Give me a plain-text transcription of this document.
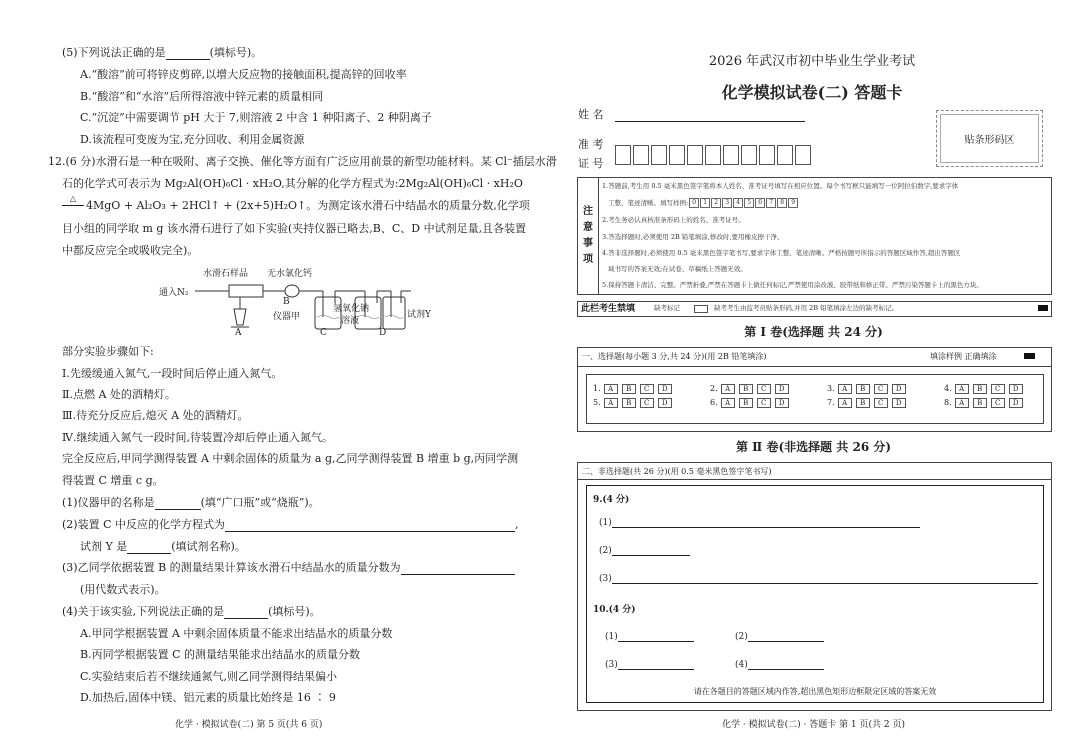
(5)下列说法正确的是	(填标号)。
A.“酸溶”前可将锌皮剪碎,以增大反应物的接触面积,提高锌的回收率
B.“酸溶”和“水溶”后所得溶液中锌元素的质量相同
C.“沉淀”中需要调节 pH 大于 7,则溶液 2 中含 1 种阳离子、2 种阴离子
D.该流程可变废为宝,充分回收、利用金属资源
12.(6 分)水滑石是一种在吸附、离子交换、催化等方面有广泛应用前景的新型功能材料。某 Cl⁻插层水滑
石的化学式可表示为 Mg₂Al(OH)₆Cl · xH₂O,其分解的化学方程式为:2Mg₂Al(OH)₆Cl · xH₂O
△
4MgO + Al₂O₃ + 2HCl↑ + (2x+5)H₂O↑。为测定该水滑石中结晶水的质量分数,化学项
目小组的同学取 m g 该水滑石进行了如下实验(夹持仪器已略去,B、C、D 中试剂足量,且各装置
中都反应完全或吸收完全)。
水滑石样品 无水氯化钙
通入N₂
B
仪器甲
氢氧化钠
溶液
试剂Y
A	C	D
部分实验步骤如下:
Ⅰ.先缓缓通入氮气,一段时间后停止通入氮气。
Ⅱ.点燃 A 处的酒精灯。
Ⅲ.待充分反应后,熄灭 A 处的酒精灯。
Ⅳ.继续通入氮气一段时间,待装置冷却后停止通入氮气。
完全反应后,甲同学测得装置 A 中剩余固体的质量为 a g,乙同学测得装置 B 增重 b g,丙同学测
得装置 C 增重 c g。
(1)仪器甲的名称是	(填“广口瓶”或“烧瓶”)。
(2)装置 C 中反应的化学方程式为	,
试剂 Y 是	(填试剂名称)。
(3)乙同学依据装置 B 的测量结果计算该水滑石中结晶水的质量分数为
(用代数式表示)。
(4)关于该实验,下列说法正确的是	(填标号)。
A.甲同学根据装置 A 中剩余固体质量不能求出结晶水的质量分数
B.丙同学根据装置 C 的测量结果能求出结晶水的质量分数
C.实验结束后若不继续通氮气,则乙同学测得结果偏小
D.加热后,固体中镁、铝元素的质量比始终是 16 ∶ 9
化学 · 模拟试卷(二) 第 5 页(共 6 页)
2026 年武汉市初中毕业生学业考试
化学模拟试卷(二) 答题卡
姓 名
准 考
证 号
贴条形码区
注
意
事
项
1.答题前,考生用 0.5 毫米黑色签字笔将本人姓名、准考证号填写在相应位置。每个书写框只能填写一位阿拉伯数字,要求字体
工整、笔迹清晰。填写样例: 0 1 2 3 4 5 6 7 8 9
2.考生务必认真核准条形码上的姓名、准考证号。
3.答选择题时,必须使用 2B 铅笔填涂,修改时,要用橡皮擦干净。
4.答非选择题时,必须使用 0.5 毫米黑色签字笔书写,要求字体工整、笔迹清晰。严格按题号所指示的答题区域作答,超出答题区
域书写的答案无效;在试卷、草稿纸上答题无效。
5.保持答题卡清洁、完整。严禁折叠,严禁在答题卡上做任何标记,严禁使用涂改液、胶带纸和修正带。严禁污染答题卡上的黑色方块。
此栏考生禁填	缺考标记	缺考考生由监考员贴条形码,并用 2B 铅笔填涂左边的缺考标记。
第 Ⅰ 卷(选择题 共 24 分)
一、选择题(每小题 3 分,共 24 分)(用 2B 铅笔填涂)	填涂样例 正确填涂
1. A B C D	2. A B C D	3. A B C D	4. A B C D
5. A B C D	6. A B C D	7. A B C D	8. A B C D
第 Ⅱ 卷(非选择题 共 26 分)
二、非选择题(共 26 分)(用 0.5 毫米黑色签字笔书写)
9.(4 分)
(1)
(2)
(3)
10.(4 分)
(1)	(2)
(3)	(4)
请在各题目的答题区域内作答,超出黑色矩形边框限定区域的答案无效
化学 · 模拟试卷(二) · 答题卡 第 1 页(共 2 页)
